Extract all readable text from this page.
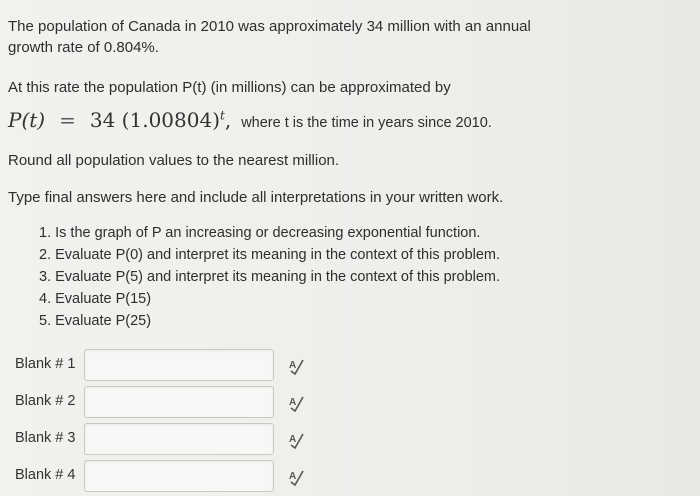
The population of Canada in 2010 was approximately 34 million with an annual growth rate of 0.804%.
At this rate the population P(t) (in millions) can be approximated by
P(t) = 34 $(1.00804)^t$, where t is the time in years since 2010.
Round all population values to the nearest million.
Type final answers here and include all interpretations in your written work.
1. Is the graph of P an increasing or decreasing exponential function.
2. Evaluate P(0) and interpret its meaning in the context of this problem.
3. Evaluate P(5) and interpret its meaning in the context of this problem.
4. Evaluate P(15)
5. Evaluate P(25)
Blank # 1	A
Blank # 2	A
Blank # 3	A
Blank # 4	A
